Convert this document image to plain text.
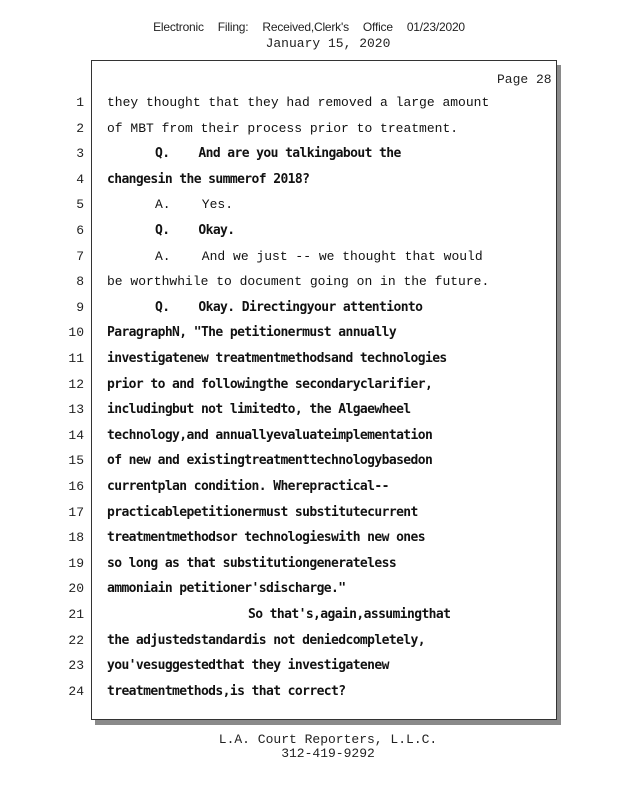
Electronic Filing: Received,Clerk's Office 01/23/2020
January 15, 2020
Page 28
1 they thought that they had removed a large amount
2 of MBT from their process prior to treatment.
3	Q.    And are you talkingabout the
4 changesin the summerof 2018?
5	A.    Yes.
6	Q.    Okay.
7	A.    And we just -- we thought that would
8 be worthwhile to document going on in the future.
9	Q.    Okay. Directingyour attentionto
10 ParagraphN, "The petitionermust annually
11 investigatenew treatmentmethodsand technologies
12 prior to and followingthe secondaryclarifier,
13 includingbut not limitedto, the Algaewheel
14 technology,and annuallyevaluateimplementation
15 of new and existingtreatmenttechnologybasedon
16 currentplan condition. Wherepractical--
17 practicablepetitionermust substitutecurrent
18 treatmentmethodsor technologieswith new ones
19 so long as that substitutiongenerateless
20 ammoniain petitioner'sdischarge."
21	So that's,again,assumingthat
22 the adjustedstandardis not deniedcompletely,
23 you'vesuggestedthat they investigatenew
24 treatmentmethods,is that correct?
L.A. Court Reporters, L.L.C.
312-419-9292
